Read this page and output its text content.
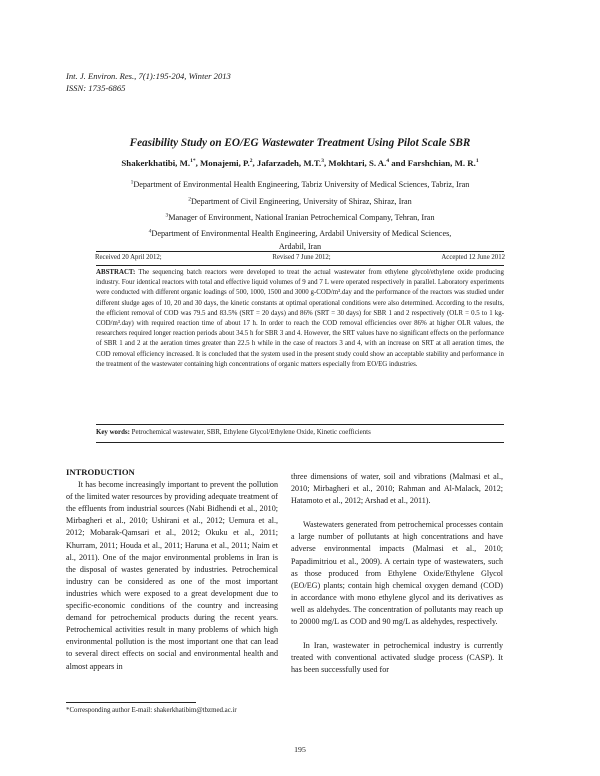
Int. J. Environ. Res., 7(1):195-204, Winter 2013
ISSN: 1735-6865
Feasibility Study on EO/EG Wastewater Treatment Using Pilot Scale SBR
Shakerkhatibi, M.$^{1*}$, Monajemi, P.$^2$, Jafarzadeh, M.T.$^3$, Mokhtari, S. A.$^4$ and Farshchian, M. R.$^1$
$^1$Department of Environmental Health Engineering, Tabriz University of Medical Sciences, Tabriz, Iran
$^2$Department of Civil Engineering, University of Shiraz, Shiraz, Iran
$^3$Manager of Environment, National Iranian Petrochemical Company, Tehran, Iran
$^4$Department of Environmental Health Engineering, Ardabil University of Medical Sciences,
Ardabil, Iran
Received 20 April 2012;	Revised 7 June 2012;	Accepted 12 June 2012
ABSTRACT: The sequencing batch reactors were developed to treat the actual wastewater from ethylene glycol/ethylene oxide producing industry. Four identical reactors with total and effective liquid volumes of 9 and 7 L were operated respectively in parallel. Laboratory experiments were conducted with different organic loadings of 500, 1000, 1500 and 3000 g-COD/m³.day and the performance of the reactors was studied under different sludge ages of 10, 20 and 30 days, the kinetic constants at optimal operational conditions were also determined. According to the results, the efficient removal of COD was 79.5 and 83.5% (SRT = 20 days) and 86% (SRT = 30 days) for SBR 1 and 2 respectively (OLR = 0.5 to 1 kg-COD/m³.day) with required reaction time of about 17 h. In order to reach the COD removal efficiencies over 86% at higher OLR values, the researchers required longer reaction periods about 34.5 h for SBR 3 and 4. However, the SRT values have no significant effects on the performance of SBR 1 and 2 at the aeration times greater than 22.5 h while in the case of reactors 3 and 4, with an increase on SRT at all aeration times, the COD removal efficiency increased. It is concluded that the system used in the present study could show an acceptable stability and performance in the treatment of the wastewater containing high concentrations of organic matters especially from EO/EG industries.
Key words: Petrochemical wastewater, SBR, Ethylene Glycol/Ethylene Oxide, Kinetic coefficients
INTRODUCTION

It has become increasingly important to prevent the pollution of the limited water resources by providing adequate treatment of the effluents from industrial sources (Nabi Bidhendi et al., 2010; Mirbagheri et al., 2010; Ushirani et al., 2012; Uemura et al., 2012; Mobarak-Qamsari et al., 2012; Okuku et al., 2011; Khurram, 2011; Houda et al., 2011; Haruna et al., 2011; Naim et al., 2011). One of the major environmental problems in Iran is the disposal of wastes generated by industries. Petrochemical industry can be considered as one of the most important industries which were exposed to a great development due to specific-economic conditions of the country and increasing demand for petrochemical products during the recent years. Petrochemical activities result in many problems of which high environmental pollution is the most important one that can lead to several direct effects on social and environmental health and almost appears in

three dimensions of water, soil and vibrations (Malmasi et al., 2010; Mirbagheri et al., 2010; Rahman and Al-Malack, 2012; Hatamoto et al., 2012; Arshad et al., 2011).

Wastewaters generated from petrochemical processes contain a large number of pollutants at high concentrations and have adverse environmental impacts (Malmasi et al., 2010; Papadimitriou et al., 2009). A certain type of wastewaters, such as those produced from Ethylene Oxide/Ethylene Glycol (EO/EG) plants; contain high chemical oxygen demand (COD) in accordance with mono ethylene glycol and its derivatives as well as aldehydes. The concentration of pollutants may reach up to 20000 mg/L as COD and 90 mg/L as aldehydes, respectively.

In Iran, wastewater in petrochemical industry is currently treated with conventional activated sludge process (CASP). It has been successfully used for

*Corresponding author E-mail: shakerkhatibim@tbzmed.ac.ir
195
